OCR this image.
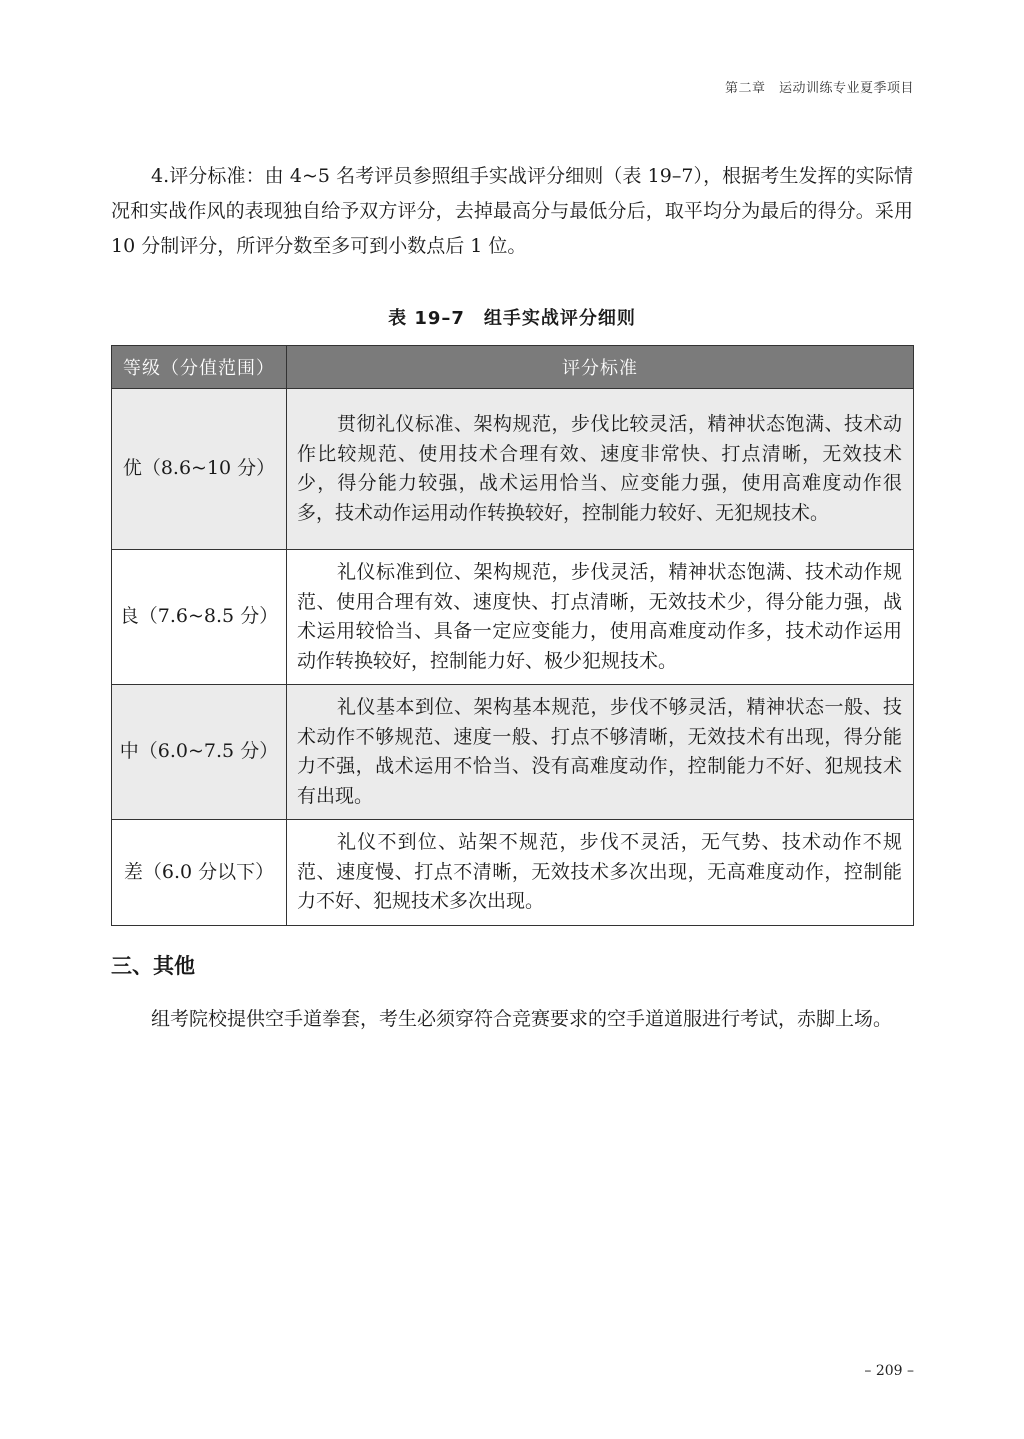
第二章　运动训练专业夏季项目

4.评分标准：由 4~5 名考评员参照组手实战评分细则（表 19–7），根据考生发挥的实际情况和实战作风的表现独自给予双方评分，去掉最高分与最低分后，取平均分为最后的得分。采用 10 分制评分，所评分数至多可到小数点后 1 位。

表 19–7　组手实战评分细则
等级（分值范围）	评分标准
优（8.6~10 分）	贯彻礼仪标准、架构规范，步伐比较灵活，精神状态饱满、技术动作比较规范、使用技术合理有效、速度非常快、打点清晰，无效技术少，得分能力较强，战术运用恰当、应变能力强，使用高难度动作很多，技术动作运用动作转换较好，控制能力较好、无犯规技术。
良（7.6~8.5 分）	礼仪标准到位、架构规范，步伐灵活，精神状态饱满、技术动作规范、使用合理有效、速度快、打点清晰，无效技术少，得分能力强，战术运用较恰当、具备一定应变能力，使用高难度动作多，技术动作运用动作转换较好，控制能力好、极少犯规技术。
中（6.0~7.5 分）	礼仪基本到位、架构基本规范，步伐不够灵活，精神状态一般、技术动作不够规范、速度一般、打点不够清晰，无效技术有出现，得分能力不强，战术运用不恰当、没有高难度动作，控制能力不好、犯规技术有出现。
差（6.0 分以下）	礼仪不到位、站架不规范，步伐不灵活，无气势、技术动作不规范、速度慢、打点不清晰，无效技术多次出现，无高难度动作，控制能力不好、犯规技术多次出现。
三、其他

组考院校提供空手道拳套，考生必须穿符合竞赛要求的空手道道服进行考试，赤脚上场。

– 209 –
